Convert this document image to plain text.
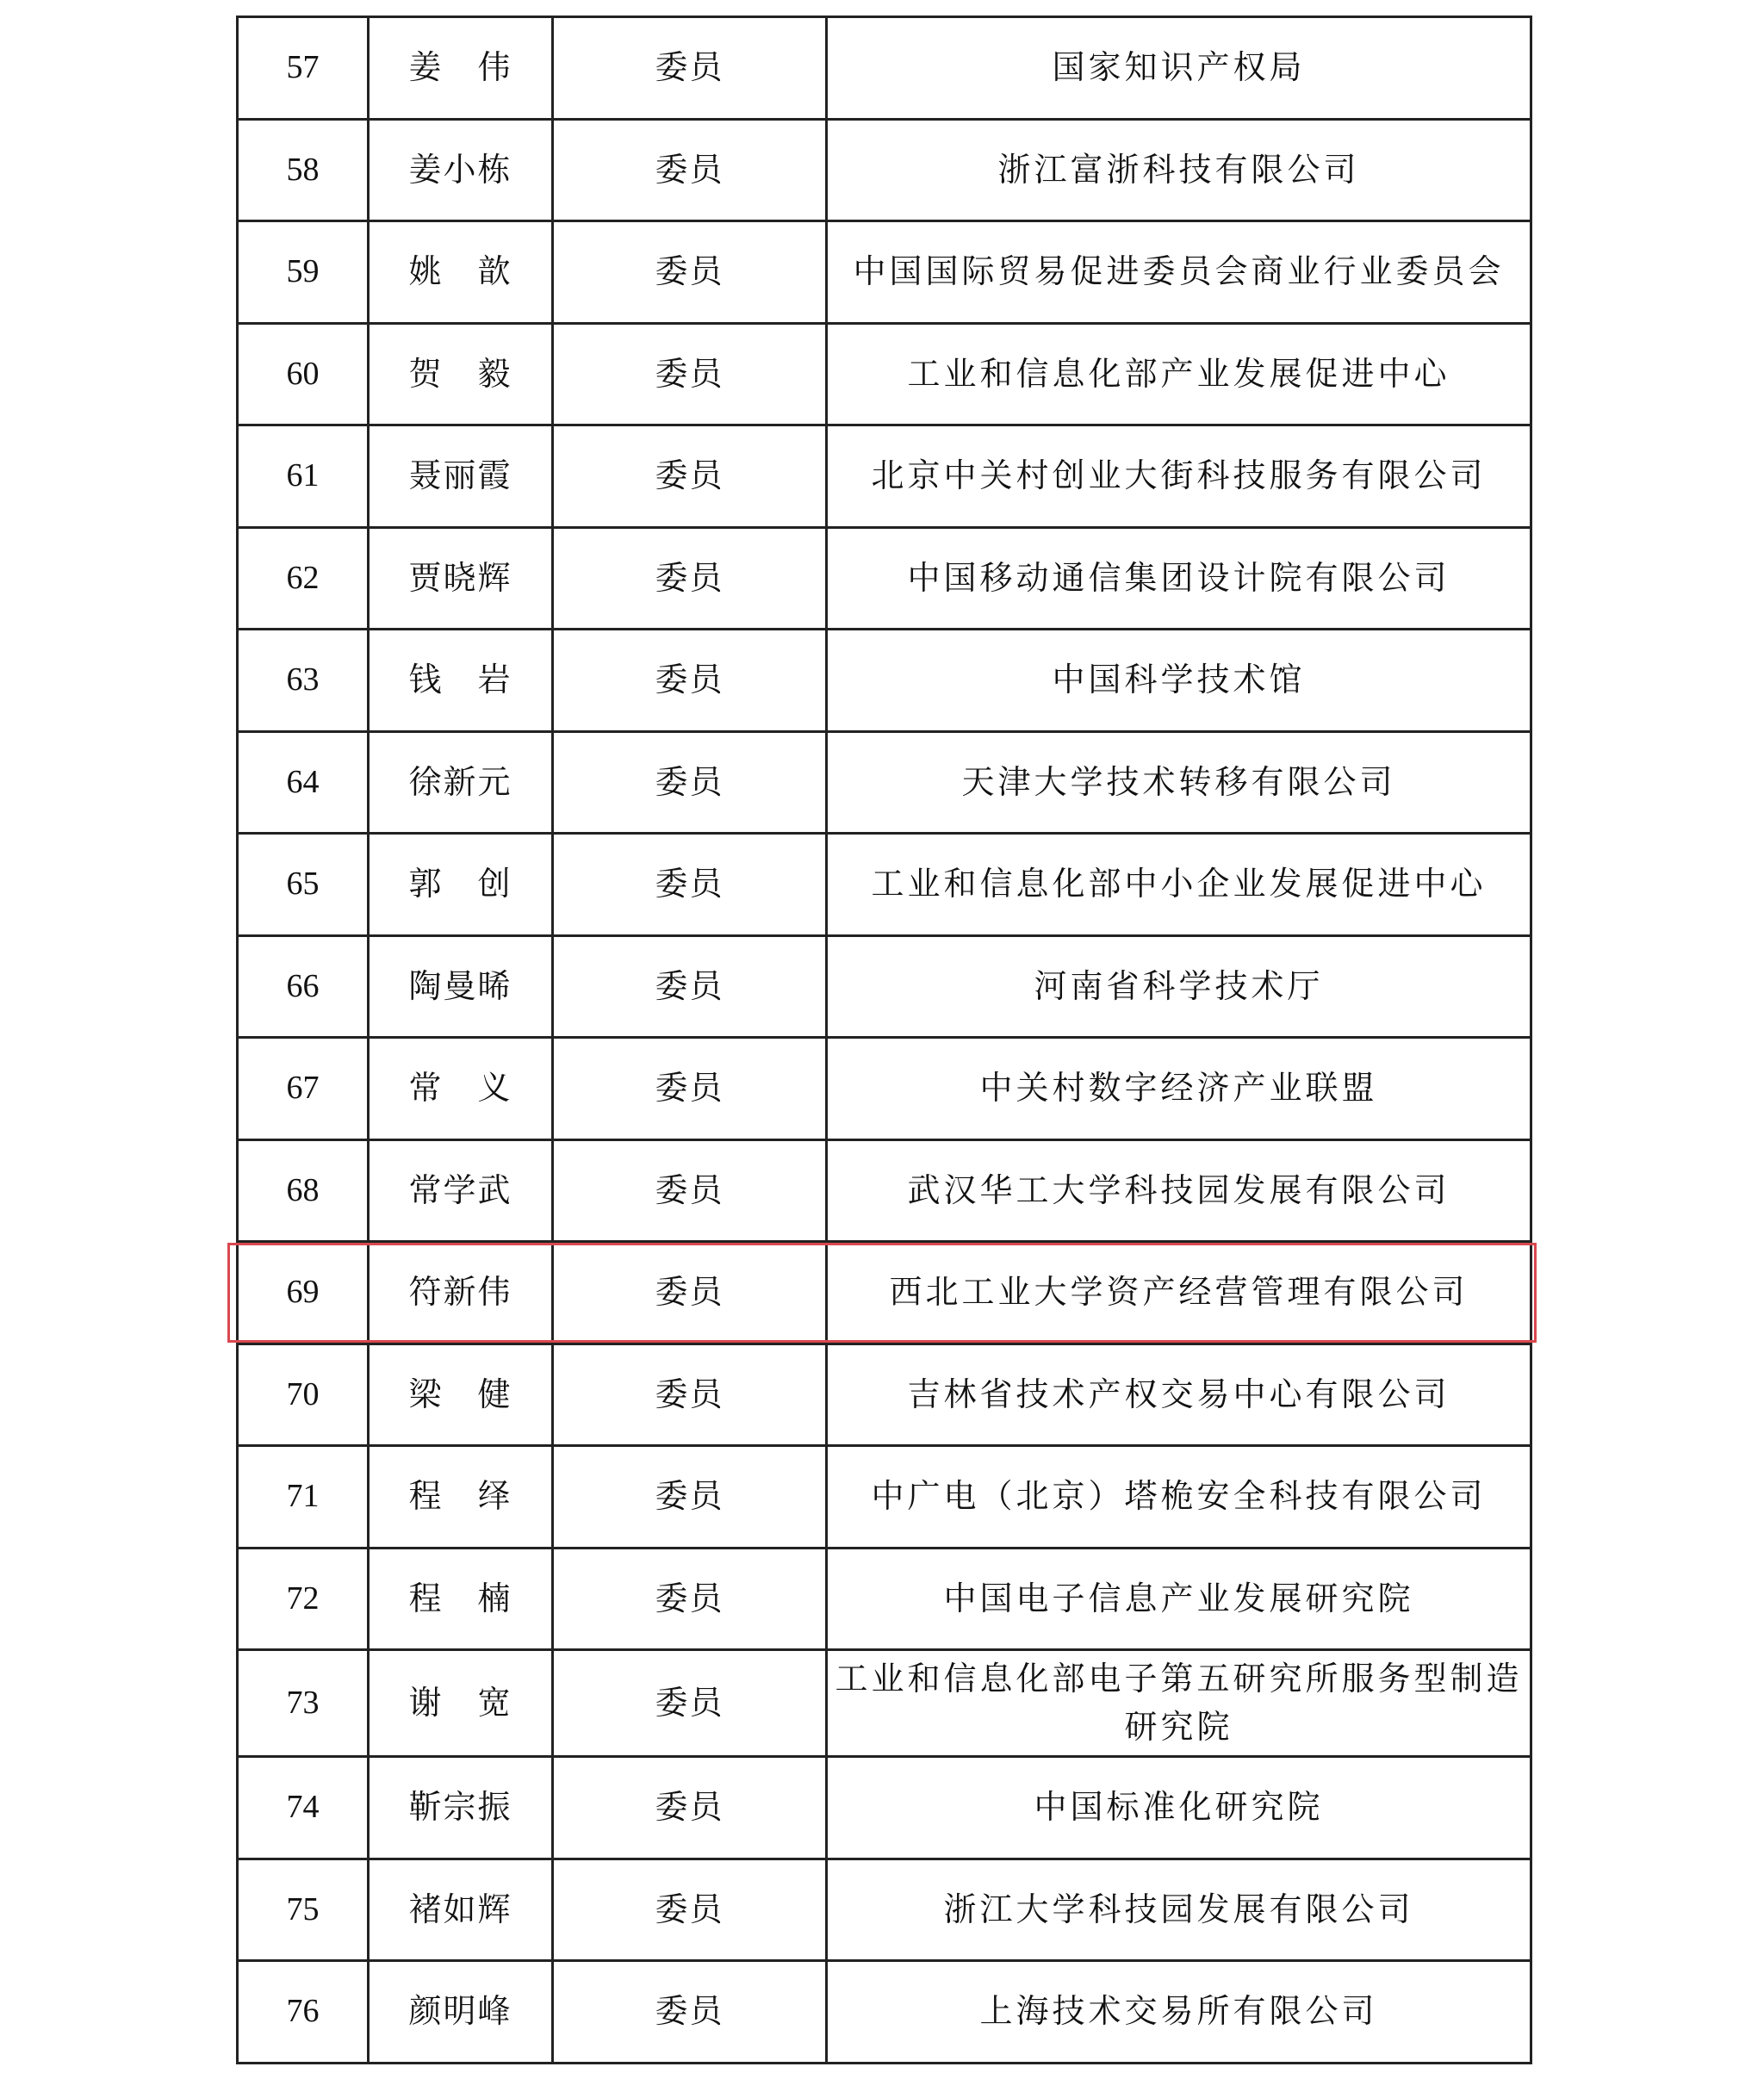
57	姜　伟	委员	国家知识产权局
58	姜小栋	委员	浙江富浙科技有限公司
59	姚　歆	委员	中国国际贸易促进委员会商业行业委员会
60	贺　毅	委员	工业和信息化部产业发展促进中心
61	聂丽霞	委员	北京中关村创业大街科技服务有限公司
62	贾晓辉	委员	中国移动通信集团设计院有限公司
63	钱　岩	委员	中国科学技术馆
64	徐新元	委员	天津大学技术转移有限公司
65	郭　创	委员	工业和信息化部中小企业发展促进中心
66	陶曼晞	委员	河南省科学技术厅
67	常　义	委员	中关村数字经济产业联盟
68	常学武	委员	武汉华工大学科技园发展有限公司
69	符新伟	委员	西北工业大学资产经营管理有限公司
70	梁　健	委员	吉林省技术产权交易中心有限公司
71	程　绎	委员	中广电（北京）塔桅安全科技有限公司
72	程　楠	委员	中国电子信息产业发展研究院
73	谢　宽	委员	工业和信息化部电子第五研究所服务型制造研究院
74	靳宗振	委员	中国标准化研究院
75	褚如辉	委员	浙江大学科技园发展有限公司
76	颜明峰	委员	上海技术交易所有限公司
